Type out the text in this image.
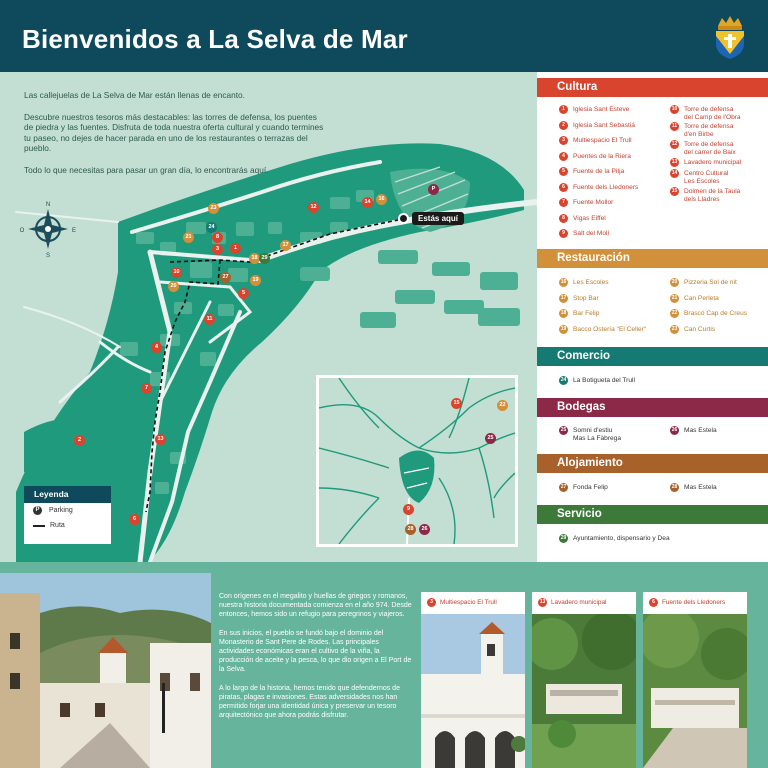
Bienvenidos a La Selva de Mar
N
S
E
O

Las callejuelas de La Selva de Mar están llenas de encanto.

Descubre nuestros tesoros más destacables: las torres de defensa, los puentes de piedra y las fuentes. Disfruta de toda nuestra oferta cultural y cuando termines tu paseo, no dejes de hacer parada en uno de los restaurantes o terrazas del pueblo.

Todo lo que necesitas para pasar un gran día, lo encontrarás aquí.

1
2
3
4
5
6
7
8
11
10
12
13
14	16
17
18
19
20
21
23
24
27
29
P
Estás aquí
15	22
25
9
28	26
Leyenda
P	Parking
Ruta
Cultura
Restauración
Comercio
Bodegas
Alojamiento
Servicio
1	Iglesia Sant Esteve
2	Iglesia Sant Sebastiá
3	Multiespacio El Trull
4	Puentes de la Riera
5	Fuente de la Pitja
6	Fuente dels Lledoners
7	Fuente Mollor
8	Vigas Eiffel
9	Salt del Molí
10 Torre de defensa
del Camp de l'Obra
11 Torre de defensa
d'en Birbe
12 Torre de defensa
del carrer de Baix
13 Lavadero municipal
14 Centro Cultural
Les Escoles
15 Dolmen de la Taula
dels Lladres
16 Les Escoles
17 Stop Bar
18 Bar Felip
19 Bacco Ostería "El Celler"
20 Pizzeria Sol de nit
21 Can Perleta
22 Brascó Cap de Creus
23 Can Curtis
24 La Botigueta del Trull
25 Somni d'estiu
Mas La Fàbrega
26 Mas Estela
27 Fonda Felip	28 Mas Estela
29 Ayuntamiento, dispensario y Dea

Con orígenes en el megalito y huellas de griegos y romanos, nuestra historia documentada comienza en el año 974. Desde entonces, hemos sido un refugio para peregrinos y viajeros.

En sus inicios, el pueblo se fundó bajo el dominio del Monasterio de Sant Pere de Rodes. Las principales actividades económicas eran el cultivo de la viña, la producción de aceite y la pesca, lo que dio origen a El Port de la Selva.

A lo largo de la historia, hemos tenido que defendernos de piratas, plagas e invasiones. Estas adversidades nos han permitido forjar una identidad única y preservar un tesoro arquitectónico que ahora podrás disfrutar.

3	Multiespacio El Trull	13 Lavadero municipal	6	Fuente dels Lledoners
